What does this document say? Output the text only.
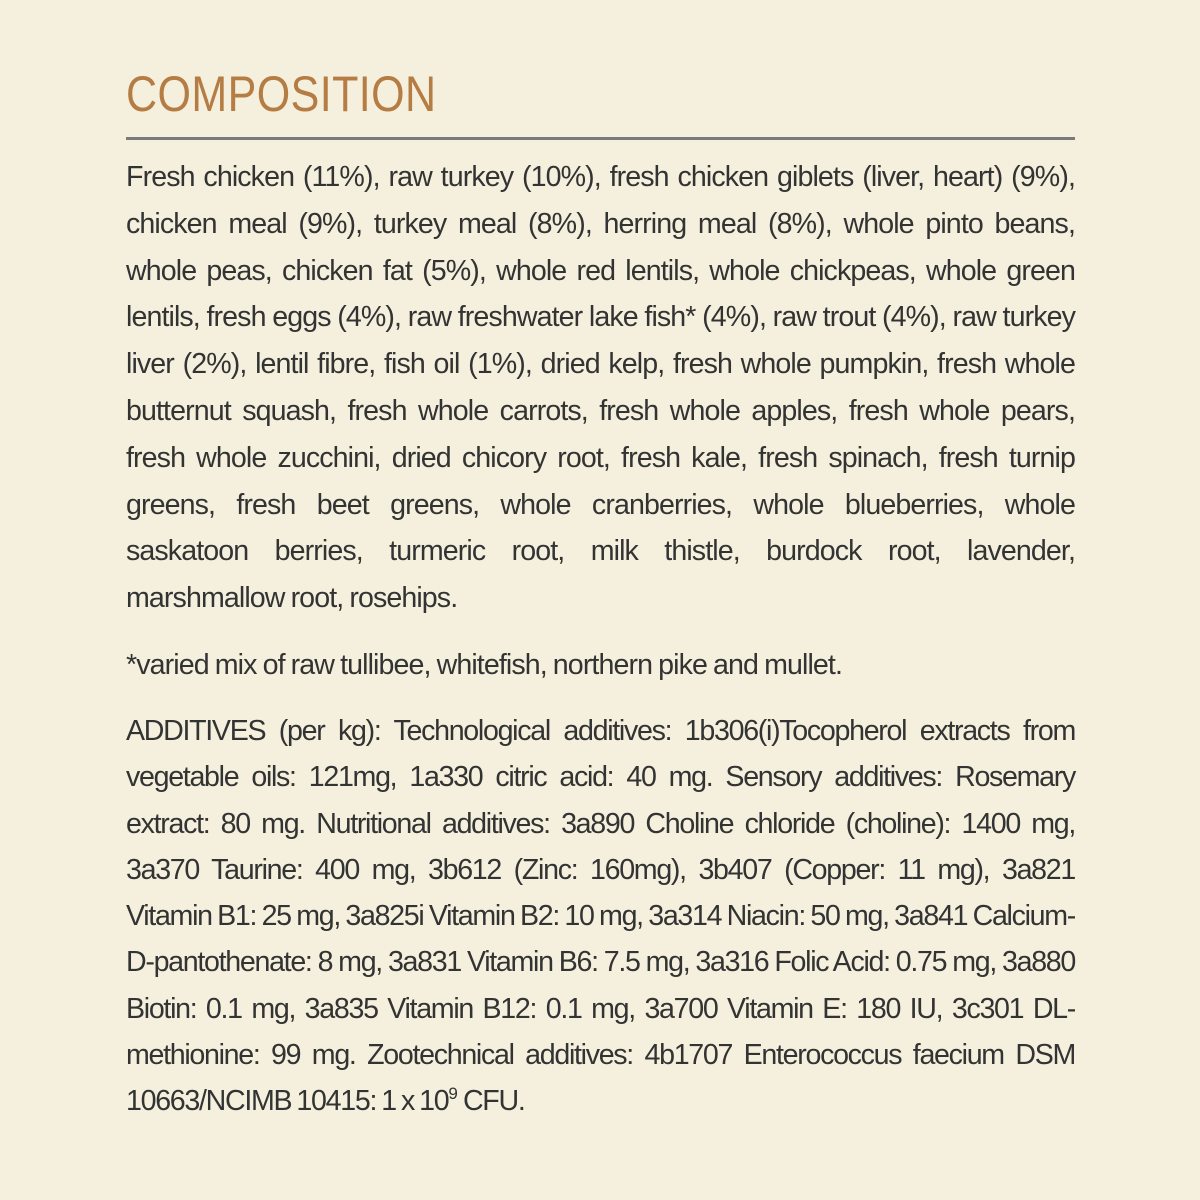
COMPOSITION

Fresh chicken (11%), raw turkey (10%), fresh chicken giblets (liver, heart) (9%), chicken meal (9%), turkey meal (8%), herring meal (8%), whole pinto beans, whole peas, chicken fat (5%), whole red lentils, whole chickpeas, whole green lentils, fresh eggs (4%), raw freshwater lake fish* (4%), raw trout (4%), raw turkey liver (2%), lentil fibre, fish oil (1%), dried kelp, fresh whole pumpkin, fresh whole butternut squash, fresh whole carrots, fresh whole apples, fresh whole pears, fresh whole zucchini, dried chicory root, fresh kale, fresh spinach, fresh turnip greens, fresh beet greens, whole cranberries, whole blueberries, whole saskatoon berries, turmeric root, milk thistle, burdock root, lavender, marshmallow root, rosehips.

*varied mix of raw tullibee, whitefish, northern pike and mullet.

ADDITIVES (per kg): Technological additives: 1b306(i)Tocopherol extracts from vegetable oils: 121mg, 1a330 citric acid: 40 mg. Sensory additives: Rosemary extract: 80 mg. Nutritional additives: 3a890 Choline chloride (choline): 1400 mg, 3a370 Taurine: 400 mg, 3b612 (Zinc: 160mg), 3b407 (Copper: 11 mg), 3a821 Vitamin B1: 25 mg, 3a825i Vitamin B2: 10 mg, 3a314 Niacin: 50 mg, 3a841 Calcium-D-pantothenate: 8 mg, 3a831 Vitamin B6: 7.5 mg, 3a316 Folic Acid: 0.75 mg, 3a880 Biotin: 0.1 mg, 3a835 Vitamin B12: 0.1 mg, 3a700 Vitamin E: 180 IU, 3c301 DL-methionine: 99 mg. Zootechnical additives: 4b1707 Enterococcus faecium DSM 10663/NCIMB 10415: 1 x $10^9$ CFU.
